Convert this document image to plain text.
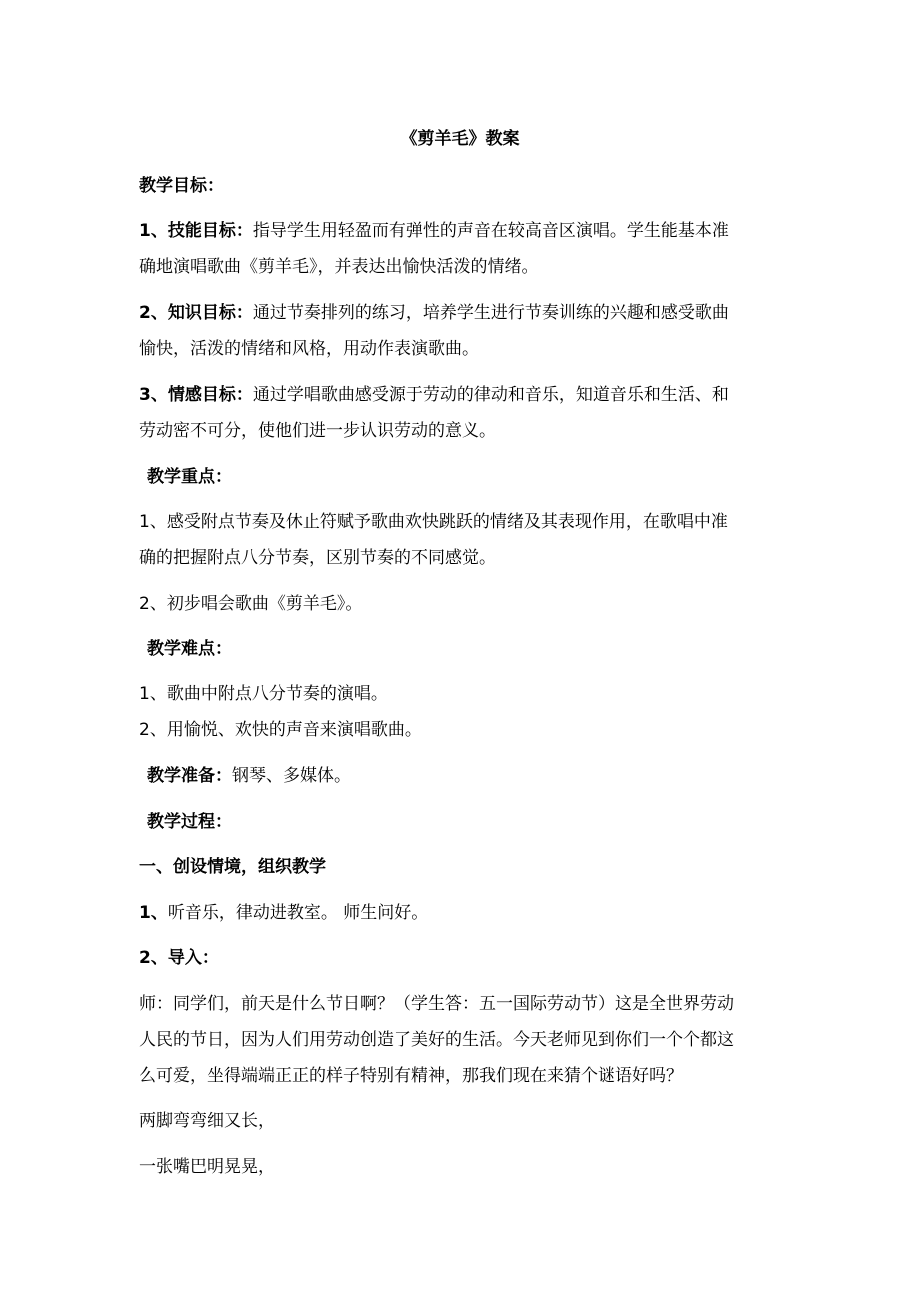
《剪羊毛》教案
教学目标：
1、技能目标：指导学生用轻盈而有弹性的声音在较高音区演唱。学生能基本准
确地演唱歌曲《剪羊毛》，并表达出愉快活泼的情绪。
2、知识目标：通过节奏排列的练习，培养学生进行节奏训练的兴趣和感受歌曲
愉快，活泼的情绪和风格，用动作表演歌曲。
3、情感目标：通过学唱歌曲感受源于劳动的律动和音乐，知道音乐和生活、和
劳动密不可分，使他们进一步认识劳动的意义。
教学重点：
1、感受附点节奏及休止符赋予歌曲欢快跳跃的情绪及其表现作用，在歌唱中准
确的把握附点八分节奏，区别节奏的不同感觉。
2、初步唱会歌曲《剪羊毛》。
教学难点：
1、歌曲中附点八分节奏的演唱。
2、用愉悦、欢快的声音来演唱歌曲。
教学准备：钢琴、多媒体。
教学过程：
一、创设情境，组织教学
1、听音乐，律动进教室。 师生问好。
2、导入：
师：同学们，前天是什么节日啊？（学生答：五一国际劳动节）这是全世界劳动
人民的节日，因为人们用劳动创造了美好的生活。今天老师见到你们一个个都这
么可爱，坐得端端正正的样子特别有精神，那我们现在来猜个谜语好吗？
两脚弯弯细又长，
一张嘴巴明晃晃，
